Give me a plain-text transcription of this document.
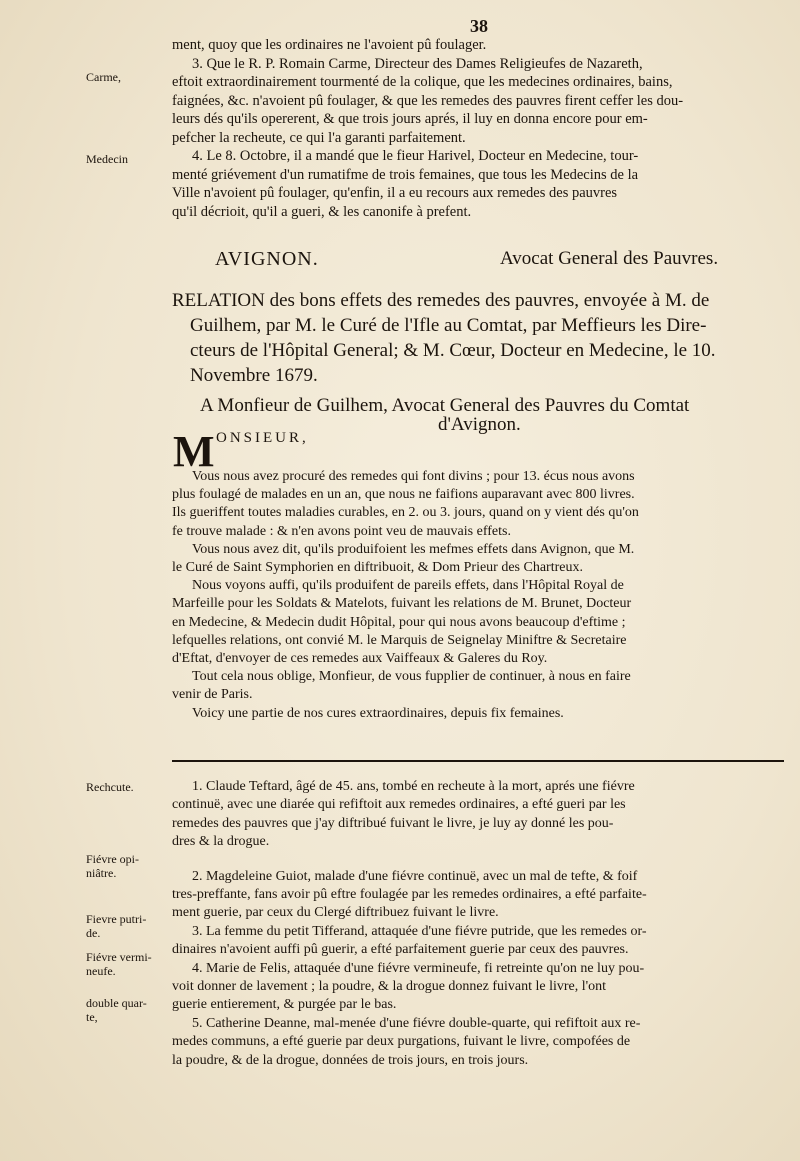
38
Carme,
Medecin
Rechcute.
Fiévre opi-
niâtre.
Fievre putri-
de.
Fiévre vermi-
neufe.
double quar-
te,
ment, quoy que les ordinaires ne l'avoient pû foulager.
3. Que le R. P. Romain Carme, Directeur des Dames Religieufes de Nazareth,
eftoit extraordinairement tourmenté de la colique, que les medecines ordinaires, bains,
faignées, &c. n'avoient pû foulager, & que les remedes des pauvres firent ceffer les dou-
leurs dés qu'ils opererent, & que trois jours aprés, il luy en donna encore pour em-
pefcher la recheute, ce qui l'a garanti parfaitement.
4. Le 8. Octobre, il a mandé que le fieur Harivel, Docteur en Medecine, tour-
menté griévement d'un rumatifme de trois femaines, que tous les Medecins de la
Ville n'avoient pû foulager, qu'enfin, il a eu recours aux remedes des pauvres
qu'il décrioit, qu'il a gueri, & les canonife à prefent.
AVIGNON.	Avocat General des Pauvres.
RELATION des bons effets des remedes des pauvres, envoyée à M. de
Guilhem, par M. le Curé de l'Ifle au Comtat, par Meffieurs les Dire-
cteurs de l'Hôpital General; & M. Cœur, Docteur en Medecine, le 10.
Novembre 1679.
A Monfieur de Guilhem, Avocat General des Pauvres du Comtat
d'Avignon.
M ONSIEUR,
Vous nous avez procuré des remedes qui font divins ; pour 13. écus nous avons
plus foulagé de malades en un an, que nous ne faifions auparavant avec 800 livres.
Ils gueriffent toutes maladies curables, en 2. ou 3. jours, quand on y vient dés qu'on
fe trouve malade : & n'en avons point veu de mauvais effets.
Vous nous avez dit, qu'ils produifoient les mefmes effets dans Avignon, que M.
le Curé de Saint Symphorien en diftribuoit, & Dom Prieur des Chartreux.
Nous voyons auffi, qu'ils produifent de pareils effets, dans l'Hôpital Royal de
Marfeille pour les Soldats & Matelots, fuivant les relations de M. Brunet, Docteur
en Medecine, & Medecin dudit Hôpital, pour qui nous avons beaucoup d'eftime ;
lefquelles relations, ont convié M. le Marquis de Seignelay Miniftre & Secretaire
d'Eftat, d'envoyer de ces remedes aux Vaiffeaux & Galeres du Roy.
Tout cela nous oblige, Monfieur, de vous fupplier de continuer, à nous en faire
venir de Paris.
Voicy une partie de nos cures extraordinaires, depuis fix femaines.
1. Claude Teftard, âgé de 45. ans, tombé en recheute à la mort, aprés une fiévre
continuë, avec une diarée qui refiftoit aux remedes ordinaires, a efté gueri par les
remedes des pauvres que j'ay diftribué fuivant le livre, je luy ay donné les pou-
dres & la drogue.
2. Magdeleine Guiot, malade d'une fiévre continuë, avec un mal de tefte, & foif
tres-preffante, fans avoir pû eftre foulagée par les remedes ordinaires, a efté parfaite-
ment guerie, par ceux du Clergé diftribuez fuivant le livre.
3. La femme du petit Tifferand, attaquée d'une fiévre putride, que les remedes or-
dinaires n'avoient auffi pû guerir, a efté parfaitement guerie par ceux des pauvres.
4. Marie de Felis, attaquée d'une fiévre vermineufe, fi retreinte qu'on ne luy pou-
voit donner de lavement ; la poudre, & la drogue donnez fuivant le livre, l'ont
guerie entierement, & purgée par le bas.
5. Catherine Deanne, mal-menée d'une fiévre double-quarte, qui refiftoit aux re-
medes communs, a efté guerie par deux purgations, fuivant le livre, compofées de
la poudre, & de la drogue, données de trois jours, en trois jours.
